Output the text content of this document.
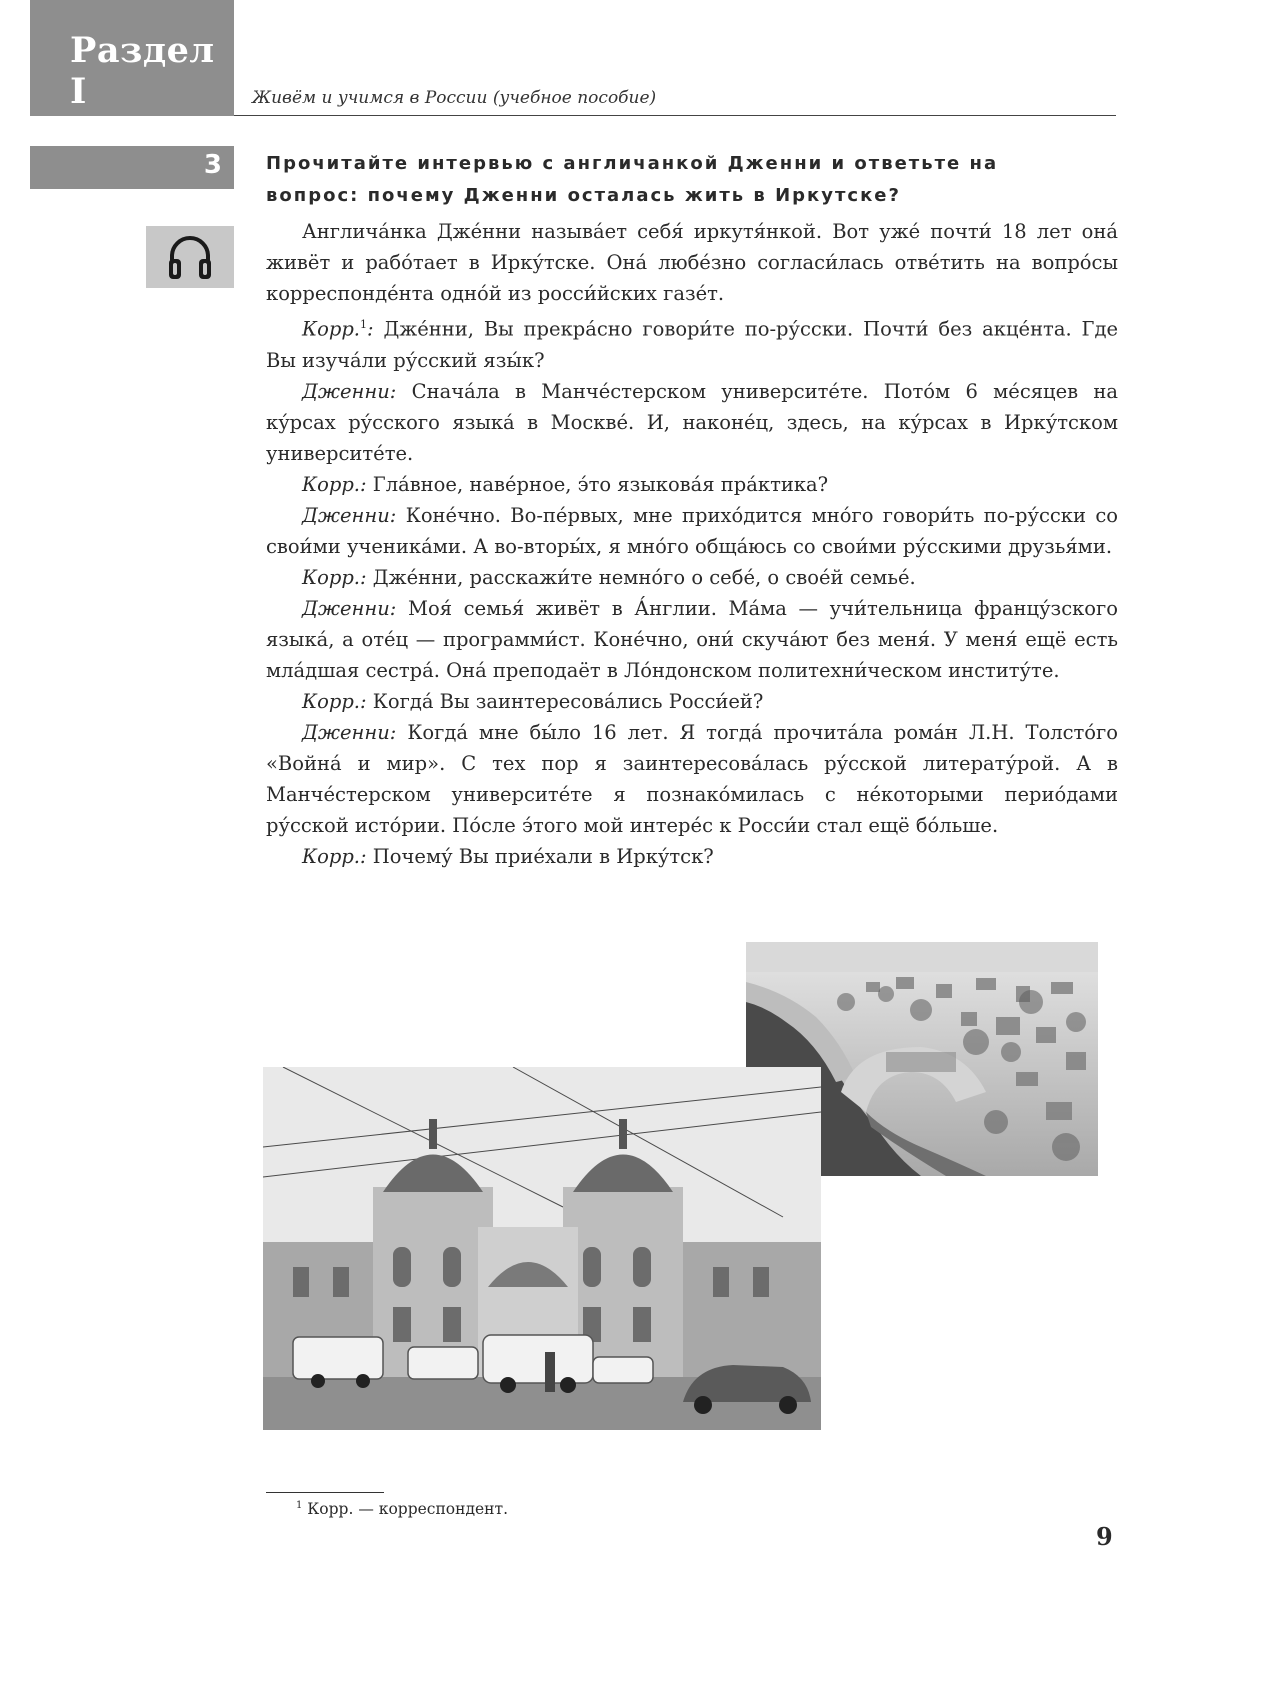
Раздел I	Живём и учимся в России (учебное пособие)
3 Прочитайте интервью с англичанкой Дженни и ответьте на вопрос: почему Дженни осталась жить в Иркутске?

Англича́нка Дже́нни называ́ет себя́ иркутя́нкой. Вот уже́ почти́ 18 лет она́ живёт и рабо́тает в Ирку́тске. Она́ любе́зно согласи́лась отве́тить на вопро́сы корреспонде́нта одно́й из росси́йских газе́т.

Корр.$^1$: Дже́нни, Вы прекра́сно говори́те по-ру́сски. Почти́ без акце́нта. Где Вы изуча́ли ру́сский язы́к?

Дженни: Снача́ла в Манче́стерском университе́те. Пото́м 6 ме́сяцев на ку́рсах ру́сского языка́ в Москве́. И, наконе́ц, здесь, на ку́рсах в Ирку́тском университе́те.

Корр.: Гла́вное, наве́рное, э́то языкова́я пра́ктика?

Дженни: Коне́чно. Во-пе́рвых, мне прихо́дится мно́го говори́ть по-ру́сски со свои́ми ученика́ми. А во-вторы́х, я мно́го обща́юсь со свои́ми ру́сскими друзья́ми.

Корр.: Дже́нни, расскажи́те немно́го о себе́, о свое́й семье́.

Дженни: Моя́ семья́ живёт в А́нглии. Ма́ма — учи́тельница францу́зского языка́, а оте́ц — программи́ст. Коне́чно, они́ скуча́ют без меня́. У меня́ ещё есть мла́дшая сестра́. Она́ преподаёт в Ло́ндонском политехни́ческом институ́те.

Корр.: Когда́ Вы заинтересова́лись Росси́ей?

Дженни: Когда́ мне бы́ло 16 лет. Я тогда́ прочита́ла рома́н Л.Н. Толсто́го «Война́ и мир». С тех пор я заинтересова́лась ру́сской литерату́рой. А в Манче́стерском университе́те я познако́милась с не́которыми перио́дами ру́сской исто́рии. По́сле э́того мой интере́с к Росси́и стал ещё бо́льше.

Корр.: Почему́ Вы прие́хали в Ирку́тск?

$^1$ Корр. — корреспондент.
9
